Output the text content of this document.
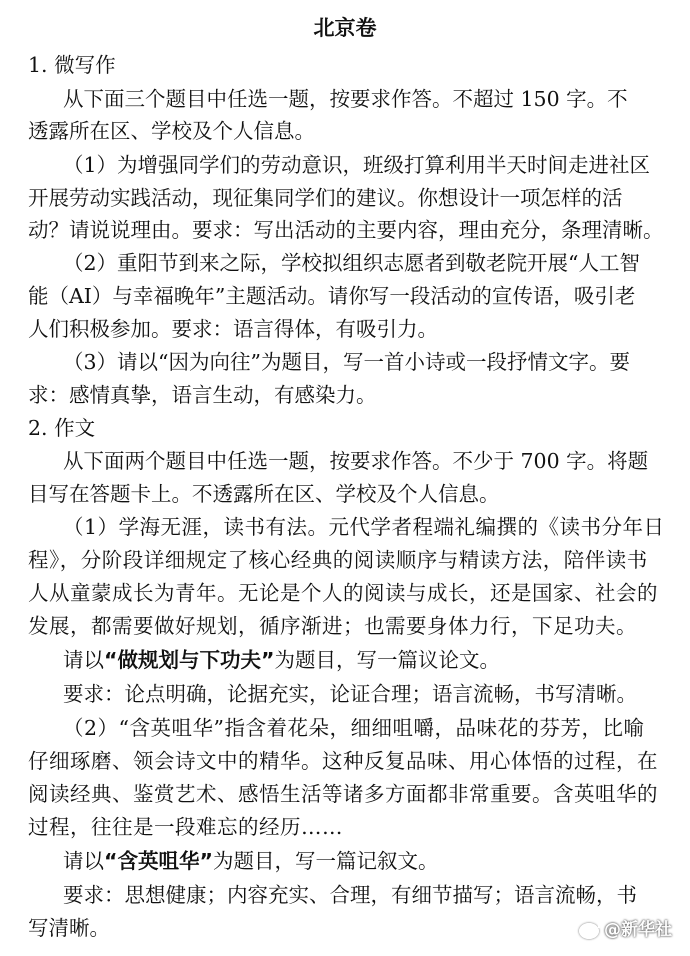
北京卷
1. 微写作
从下面三个题目中任选一题，按要求作答。不超过 150 字。不
透露所在区、学校及个人信息。
（1）为增强同学们的劳动意识，班级打算利用半天时间走进社区
开展劳动实践活动，现征集同学们的建议。你想设计一项怎样的活
动？请说说理由。要求：写出活动的主要内容，理由充分，条理清晰。
（2）重阳节到来之际，学校拟组织志愿者到敬老院开展“人工智
能（AI）与幸福晚年”主题活动。请你写一段活动的宣传语，吸引老
人们积极参加。要求：语言得体，有吸引力。
（3）请以“因为向往”为题目，写一首小诗或一段抒情文字。要
求：感情真挚，语言生动，有感染力。
2. 作文
从下面两个题目中任选一题，按要求作答。不少于 700 字。将题
目写在答题卡上。不透露所在区、学校及个人信息。
（1）学海无涯，读书有法。元代学者程端礼编撰的《读书分年日
程》，分阶段详细规定了核心经典的阅读顺序与精读方法，陪伴读书
人从童蒙成长为青年。无论是个人的阅读与成长，还是国家、社会的
发展，都需要做好规划，循序渐进；也需要身体力行，下足功夫。
请以“做规划与下功夫”为题目，写一篇议论文。
要求：论点明确，论据充实，论证合理；语言流畅，书写清晰。
（2）“含英咀华”指含着花朵，细细咀嚼，品味花的芬芳，比喻
仔细琢磨、领会诗文中的精华。这种反复品味、用心体悟的过程，在
阅读经典、鉴赏艺术、感悟生活等诸多方面都非常重要。含英咀华的
过程，往往是一段难忘的经历……
请以“含英咀华”为题目，写一篇记叙文。
要求：思想健康；内容充实、合理，有细节描写；语言流畅，书
写清晰。	@新华社
